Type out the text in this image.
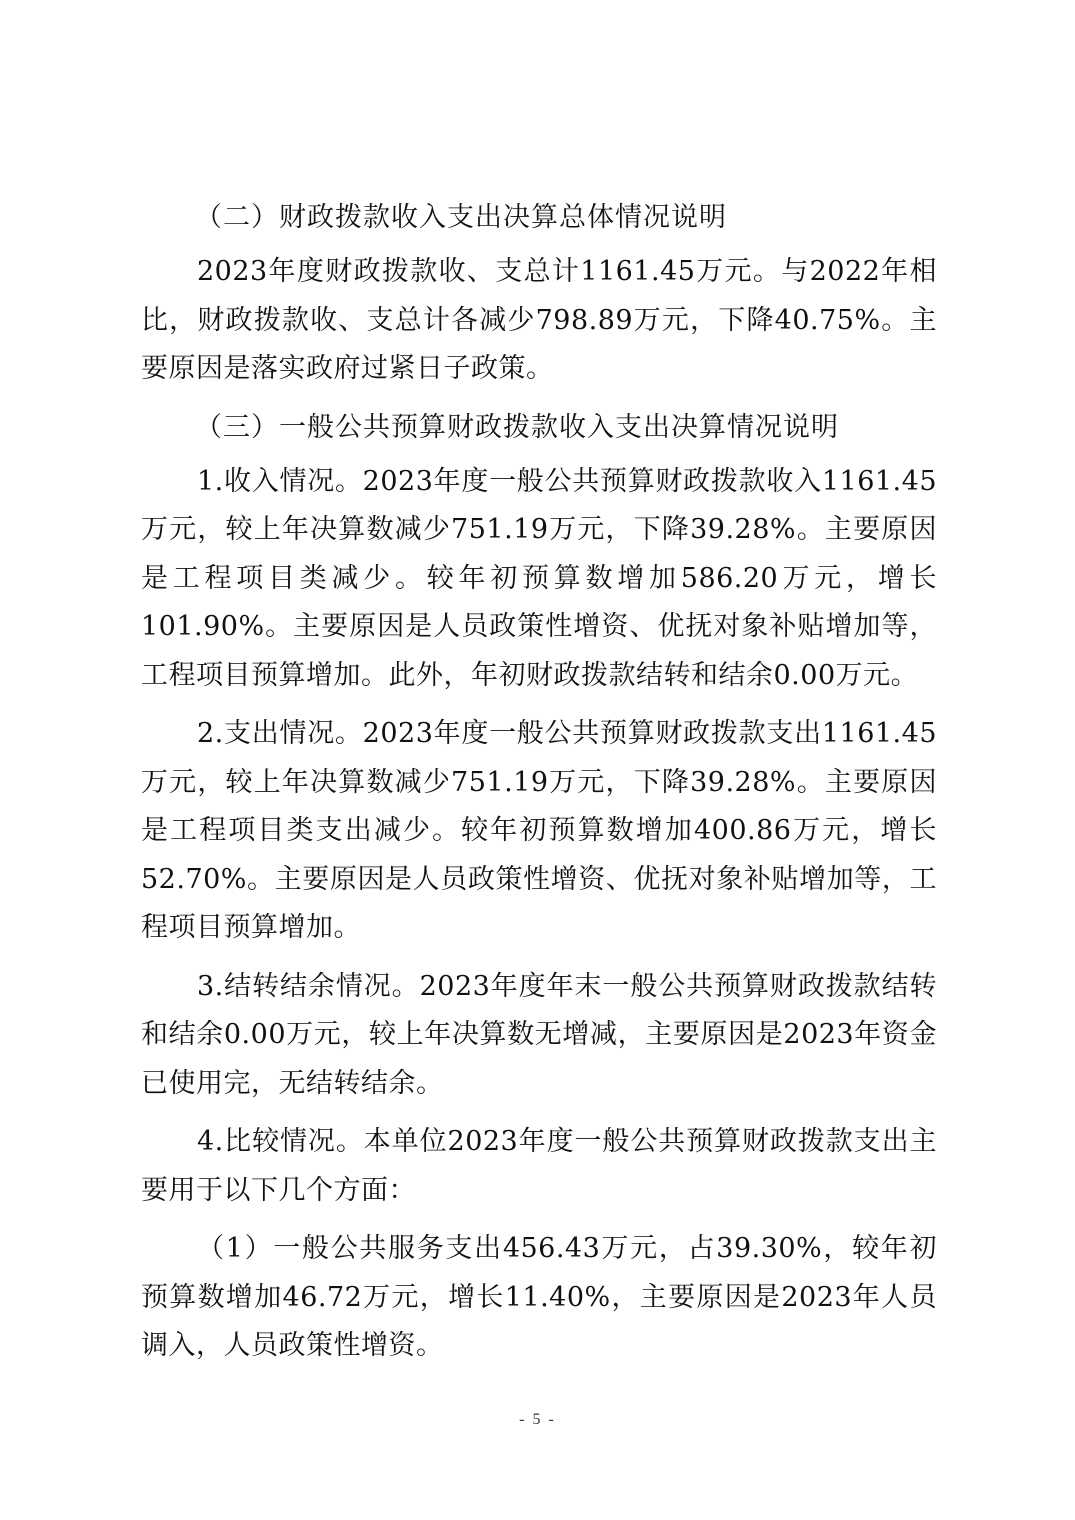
（二）财政拨款收入支出决算总体情况说明

2023年度财政拨款收、支总计1161.45万元。与2022年相比，财政拨款收、支总计各减少798.89万元，下降40.75%。主要原因是落实政府过紧日子政策。

（三）一般公共预算财政拨款收入支出决算情况说明

1.收入情况。2023年度一般公共预算财政拨款收入1161.45万元，较上年决算数减少751.19万元，下降39.28%。主要原因是工程项目类减少。较年初预算数增加586.20万元，增长101.90%。主要原因是人员政策性增资、优抚对象补贴增加等，工程项目预算增加。此外，年初财政拨款结转和结余0.00万元。

2.支出情况。2023年度一般公共预算财政拨款支出1161.45万元，较上年决算数减少751.19万元，下降39.28%。主要原因是工程项目类支出减少。较年初预算数增加400.86万元，增长52.70%。主要原因是人员政策性增资、优抚对象补贴增加等，工程项目预算增加。

3.结转结余情况。2023年度年末一般公共预算财政拨款结转和结余0.00万元，较上年决算数无增减，主要原因是2023年资金已使用完，无结转结余。

4.比较情况。本单位2023年度一般公共预算财政拨款支出主要用于以下几个方面：

（1）一般公共服务支出456.43万元，占39.30%，较年初预算数增加46.72万元，增长11.40%，主要原因是2023年人员调入，人员政策性增资。

- 5 -
